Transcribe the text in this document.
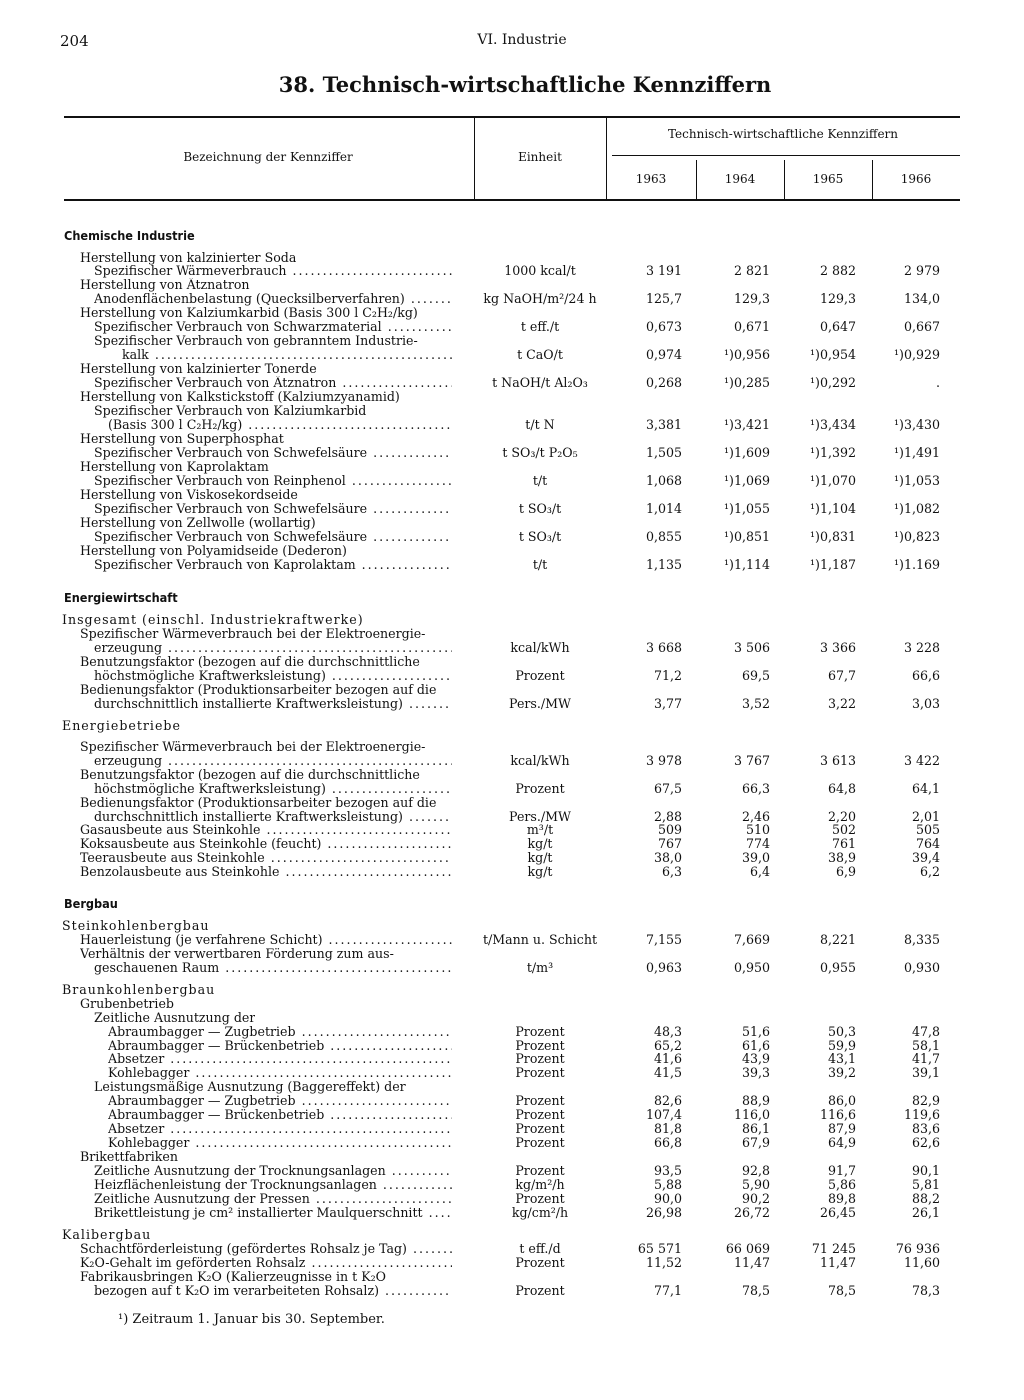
204	VI. Industrie
38. Technisch-wirtschaftliche Kennziffern
Bezeichnung der Kennziffer	Einheit
Technisch-wirtschaftliche Kennziffern
1963	1964	1965	1966
Chemische Industrie
Herstellung von kalzinierter Soda
Spezifischer Wärmeverbrauch .....	1000 kcal/t	3 191	2 821	2 882	2 979
Herstellung von Ätznatron
Anodenflächenbelastung (Quecksilberverfahren) .....	kg NaOH/m²/24 h	125,7	129,3	129,3	134,0
Herstellung von Kalziumkarbid (Basis 300 l C₂H₂/kg)
Spezifischer Verbrauch von Schwarzmaterial .....	t eff./t	0,673	0,671	0,647	0,667
Spezifischer Verbrauch von gebranntem Industrie-
kalk .....	t CaO/t	0,974	¹)0,956	¹)0,954	¹)0,929
Herstellung von kalzinierter Tonerde
Spezifischer Verbrauch von Ätznatron .....	t NaOH/t Al₂O₃	0,268	¹)0,285	¹)0,292	.
Herstellung von Kalkstickstoff (Kalziumzyanamid)
Spezifischer Verbrauch von Kalziumkarbid
(Basis 300 l C₂H₂/kg) .....	t/t N	3,381	¹)3,421	¹)3,434	¹)3,430
Herstellung von Superphosphat
Spezifischer Verbrauch von Schwefelsäure .....	t SO₃/t P₂O₅	1,505	¹)1,609	¹)1,392	¹)1,491
Herstellung von Kaprolaktam
Spezifischer Verbrauch von Reinphenol .....	t/t	1,068	¹)1,069	¹)1,070	¹)1,053
Herstellung von Viskosekordseide
Spezifischer Verbrauch von Schwefelsäure .....	t SO₃/t	1,014	¹)1,055	¹)1,104	¹)1,082
Herstellung von Zellwolle (wollartig)
Spezifischer Verbrauch von Schwefelsäure .....	t SO₃/t	0,855	¹)0,851	¹)0,831	¹)0,823
Herstellung von Polyamidseide (Dederon)
Spezifischer Verbrauch von Kaprolaktam .....	t/t	1,135	¹)1,114	¹)1,187	¹)1.169
Energiewirtschaft
Insgesamt (einschl. Industriekraftwerke)
Spezifischer Wärmeverbrauch bei der Elektroenergie-
erzeugung .....	kcal/kWh	3 668	3 506	3 366	3 228
Benutzungsfaktor (bezogen auf die durchschnittliche
höchstmögliche Kraftwerksleistung) .....	Prozent	71,2	69,5	67,7	66,6
Bedienungsfaktor (Produktionsarbeiter bezogen auf die
durchschnittlich installierte Kraftwerksleistung) .....	Pers./MW	3,77	3,52	3,22	3,03
Energiebetriebe
Spezifischer Wärmeverbrauch bei der Elektroenergie-
erzeugung .....	kcal/kWh	3 978	3 767	3 613	3 422
Benutzungsfaktor (bezogen auf die durchschnittliche
höchstmögliche Kraftwerksleistung) .....	Prozent	67,5	66,3	64,8	64,1
Bedienungsfaktor (Produktionsarbeiter bezogen auf die
durchschnittlich installierte Kraftwerksleistung) .....	Pers./MW	2,88	2,46	2,20	2,01
Gasausbeute aus Steinkohle .....	m³/t	509	510	502	505
Koksausbeute aus Steinkohle (feucht) .....	kg/t	767	774	761	764
Teerausbeute aus Steinkohle .....	kg/t	38,0	39,0	38,9	39,4
Benzolausbeute aus Steinkohle .....	kg/t	6,3	6,4	6,9	6,2
Bergbau
Steinkohlenbergbau
Hauerleistung (je verfahrene Schicht) .....	t/Mann u. Schicht	7,155	7,669	8,221	8,335
Verhältnis der verwertbaren Förderung zum aus-
geschauenen Raum .....	t/m³	0,963	0,950	0,955	0,930
Braunkohlenbergbau
Grubenbetrieb
Zeitliche Ausnutzung der
Abraumbagger — Zugbetrieb .....	Prozent	48,3	51,6	50,3	47,8
Abraumbagger — Brückenbetrieb .....	Prozent	65,2	61,6	59,9	58,1
Absetzer .....	Prozent	41,6	43,9	43,1	41,7
Kohlebagger .....	Prozent	41,5	39,3	39,2	39,1
Leistungsmäßige Ausnutzung (Baggereffekt) der
Abraumbagger — Zugbetrieb .....	Prozent	82,6	88,9	86,0	82,9
Abraumbagger — Brückenbetrieb .....	Prozent	107,4	116,0	116,6	119,6
Absetzer .....	Prozent	81,8	86,1	87,9	83,6
Kohlebagger .....	Prozent	66,8	67,9	64,9	62,6
Brikettfabriken
Zeitliche Ausnutzung der Trocknungsanlagen .....	Prozent	93,5	92,8	91,7	90,1
Heizflächenleistung der Trocknungsanlagen .....	kg/m²/h	5,88	5,90	5,86	5,81
Zeitliche Ausnutzung der Pressen .....	Prozent	90,0	90,2	89,8	88,2
Brikettleistung je cm² installierter Maulquerschnitt .....	kg/cm²/h	26,98	26,72	26,45	26,1
Kalibergbau
Schachtförderleistung (gefördertes Rohsalz je Tag) .....	t eff./d	65 571	66 069	71 245	76 936
K₂O-Gehalt im geförderten Rohsalz .....	Prozent	11,52	11,47	11,47	11,60
Fabrikausbringen K₂O (Kalierzeugnisse in t K₂O
bezogen auf t K₂O im verarbeiteten Rohsalz) .....	Prozent	77,1	78,5	78,5	78,3
¹) Zeitraum 1. Januar bis 30. September.
